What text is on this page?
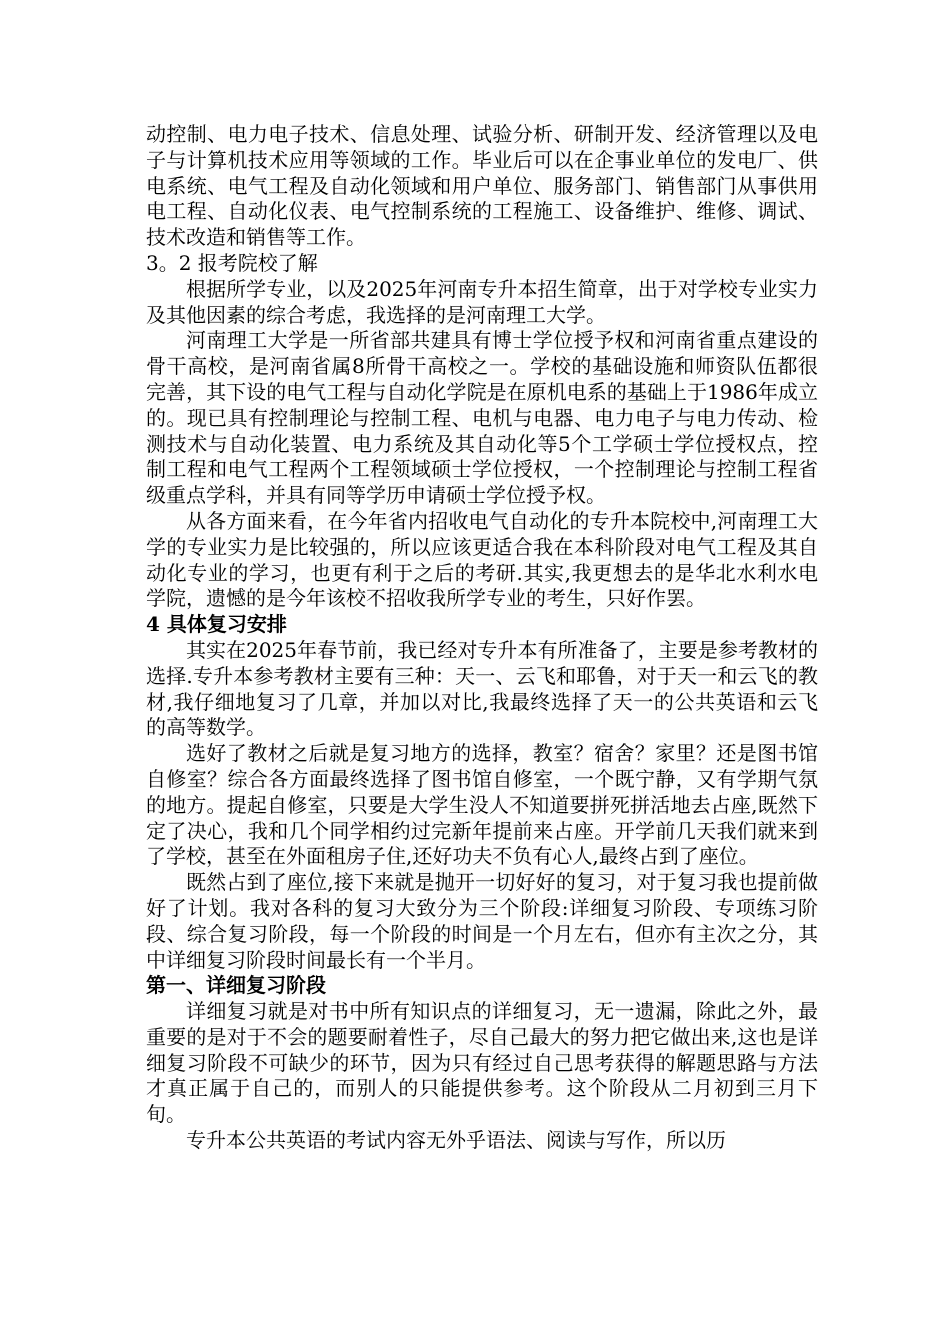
动控制、电力电子技术、信息处理、试验分析、研制开发、经济管理以及电子与计算机技术应用等领域的工作。毕业后可以在企事业单位的发电厂、供电系统、电气工程及自动化领域和用户单位、服务部门、销售部门从事供用电工程、自动化仪表、电气控制系统的工程施工、设备维护、维修、调试、技术改造和销售等工作。

3。2 报考院校了解

根据所学专业，以及2025年河南专升本招生简章，出于对学校专业实力及其他因素的综合考虑，我选择的是河南理工大学。

河南理工大学是一所省部共建具有博士学位授予权和河南省重点建设的骨干高校，是河南省属8所骨干高校之一。学校的基础设施和师资队伍都很完善，其下设的电气工程与自动化学院是在原机电系的基础上于1986年成立的。现已具有控制理论与控制工程、电机与电器、电力电子与电力传动、检测技术与自动化装置、电力系统及其自动化等5个工学硕士学位授权点，控制工程和电气工程两个工程领域硕士学位授权，一个控制理论与控制工程省级重点学科，并具有同等学历申请硕士学位授予权。

从各方面来看，在今年省内招收电气自动化的专升本院校中,河南理工大学的专业实力是比较强的，所以应该更适合我在本科阶段对电气工程及其自动化专业的学习，也更有利于之后的考研.其实,我更想去的是华北水利水电学院，遗憾的是今年该校不招收我所学专业的考生，只好作罢。

4 具体复习安排

其实在2025年春节前，我已经对专升本有所准备了，主要是参考教材的选择.专升本参考教材主要有三种：天一、云飞和耶鲁，对于天一和云飞的教材,我仔细地复习了几章，并加以对比,我最终选择了天一的公共英语和云飞的高等数学。

选好了教材之后就是复习地方的选择，教室？宿舍？家里？还是图书馆自修室？综合各方面最终选择了图书馆自修室，一个既宁静，又有学期气氛的地方。提起自修室，只要是大学生没人不知道要拼死拼活地去占座,既然下定了决心，我和几个同学相约过完新年提前来占座。开学前几天我们就来到了学校，甚至在外面租房子住,还好功夫不负有心人,最终占到了座位。

既然占到了座位,接下来就是抛开一切好好的复习，对于复习我也提前做好了计划。我对各科的复习大致分为三个阶段:详细复习阶段、专项练习阶段、综合复习阶段，每一个阶段的时间是一个月左右，但亦有主次之分，其中详细复习阶段时间最长有一个半月。

第一、详细复习阶段

详细复习就是对书中所有知识点的详细复习，无一遗漏，除此之外，最重要的是对于不会的题要耐着性子，尽自己最大的努力把它做出来,这也是详细复习阶段不可缺少的环节，因为只有经过自己思考获得的解题思路与方法才真正属于自己的，而别人的只能提供参考。这个阶段从二月初到三月下旬。

专升本公共英语的考试内容无外乎语法、阅读与写作，所以历
